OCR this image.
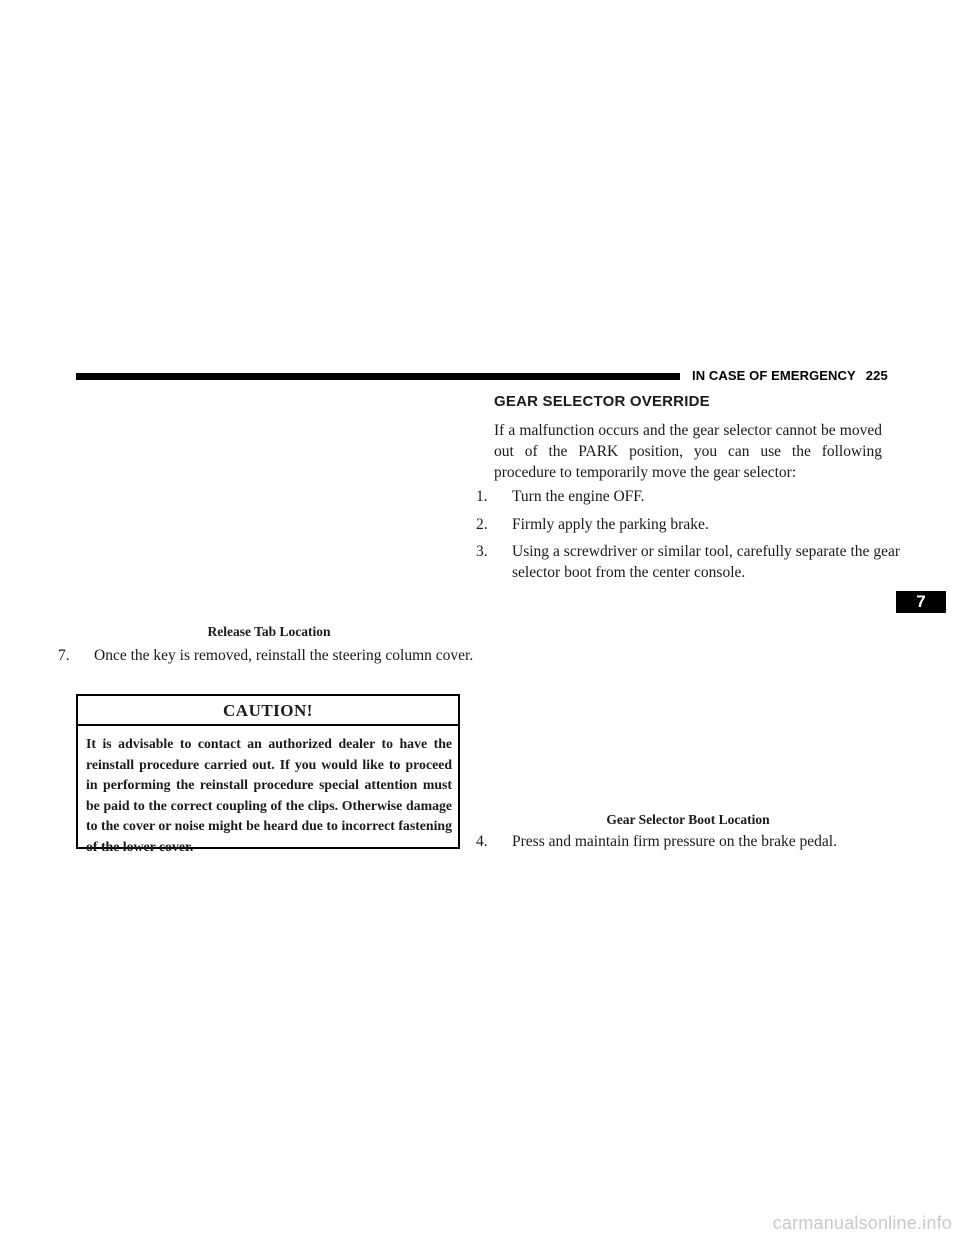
IN CASE OF EMERGENCY 225
Release Tab Location
7. Once the key is removed, reinstall the steering column cover.
CAUTION!
It is advisable to contact an authorized dealer to have the reinstall procedure carried out. If you would like to proceed in performing the reinstall procedure special attention must be paid to the correct coupling of the clips. Otherwise damage to the cover or noise might be heard due to incorrect fastening of the lower cover.
GEAR SELECTOR OVERRIDE
If a malfunction occurs and the gear selector cannot be moved out of the PARK position, you can use the following procedure to temporarily move the gear selector:
1. Turn the engine OFF.
2. Firmly apply the parking brake.
3. Using a screwdriver or similar tool, carefully separate the gear selector boot from the center console.
Gear Selector Boot Location
4. Press and maintain firm pressure on the brake pedal.
7
carmanualsonline.info
